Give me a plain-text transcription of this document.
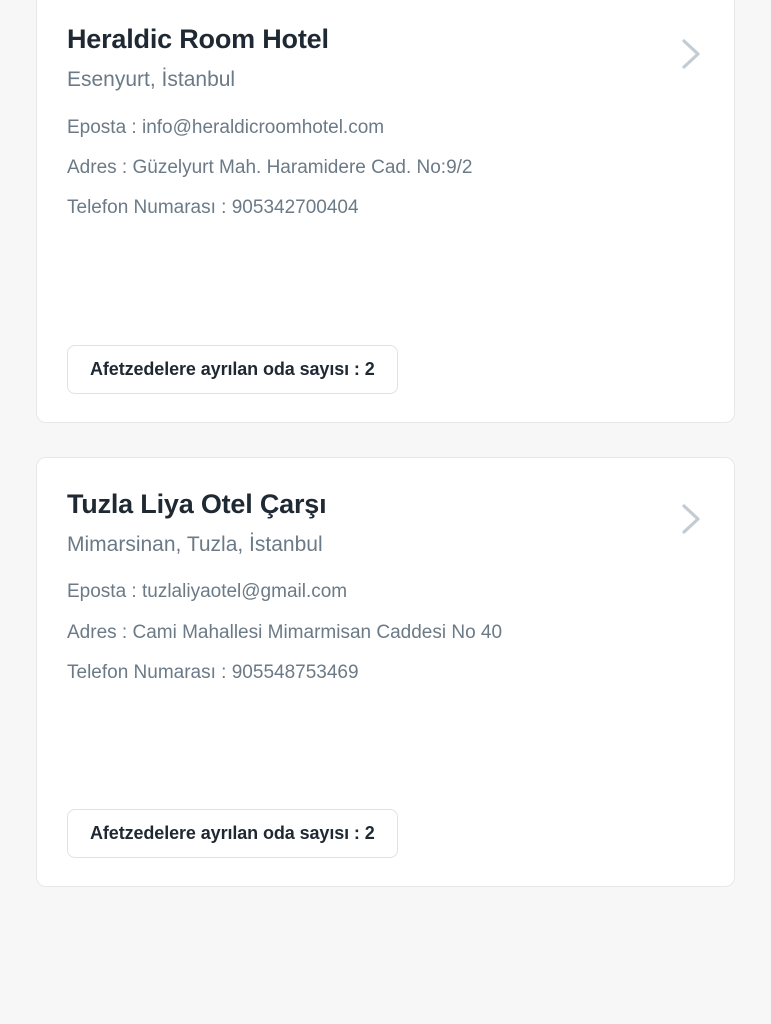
Heraldic Room Hotel
Esenyurt, İstanbul
Eposta : info@heraldicroomhotel.com
Adres : Güzelyurt Mah. Haramidere Cad. No:9/2
Telefon Numarası : 905342700404
Afetzedelere ayrılan oda sayısı : 2
Tuzla Liya Otel Çarşı
Mimarsinan, Tuzla, İstanbul
Eposta : tuzlaliyaotel@gmail.com
Adres : Cami Mahallesi Mimarmisan Caddesi No 40
Telefon Numarası : 905548753469
Afetzedelere ayrılan oda sayısı : 2
